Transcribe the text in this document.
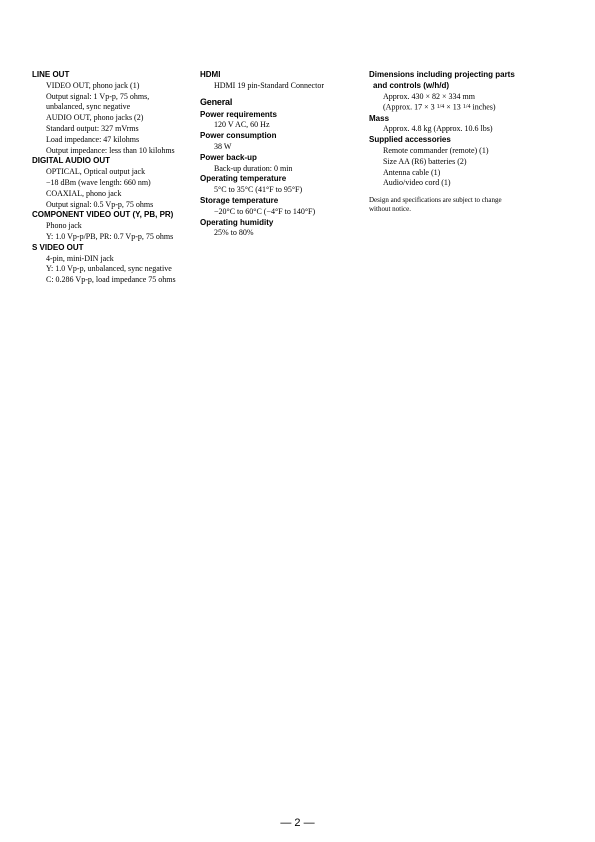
LINE OUT
VIDEO OUT, phono jack (1)
Output signal: 1 Vp-p, 75 ohms,
unbalanced, sync negative
AUDIO OUT, phono jacks (2)
Standard output: 327 mVrms
Load impedance: 47 kilohms
Output impedance: less than 10 kilohms
DIGITAL AUDIO OUT
OPTICAL, Optical output jack
−18 dBm (wave length: 660 nm)
COAXIAL, phono jack
Output signal: 0.5 Vp-p, 75 ohms
COMPONENT VIDEO OUT (Y, PB, PR)
Phono jack
Y: 1.0 Vp-p/PB, PR: 0.7 Vp-p, 75 ohms
S VIDEO OUT
4-pin, mini-DIN jack
Y: 1.0 Vp-p, unbalanced, sync negative
C: 0.286 Vp-p, load impedance 75 ohms
HDMI
HDMI 19 pin-Standard Connector
General
Power requirements
120 V AC, 60 Hz
Power consumption
38 W
Power back-up
Back-up duration: 0 min
Operating temperature
5°C to 35°C (41°F to 95°F)
Storage temperature
−20°C to 60°C (−4°F to 140°F)
Operating humidity
25% to 80%
Dimensions including projecting parts
and controls (w/h/d)
Approx. 430 × 82 × 334 mm
(Approx. 17 × 3 1/4 × 13 1/4 inches)
Mass
Approx. 4.8 kg (Approx. 10.6 lbs)
Supplied accessories
Remote commander (remote) (1)
Size AA (R6) batteries (2)
Antenna cable (1)
Audio/video cord (1)
Design and specifications are subject to change
without notice.
— 2 —
